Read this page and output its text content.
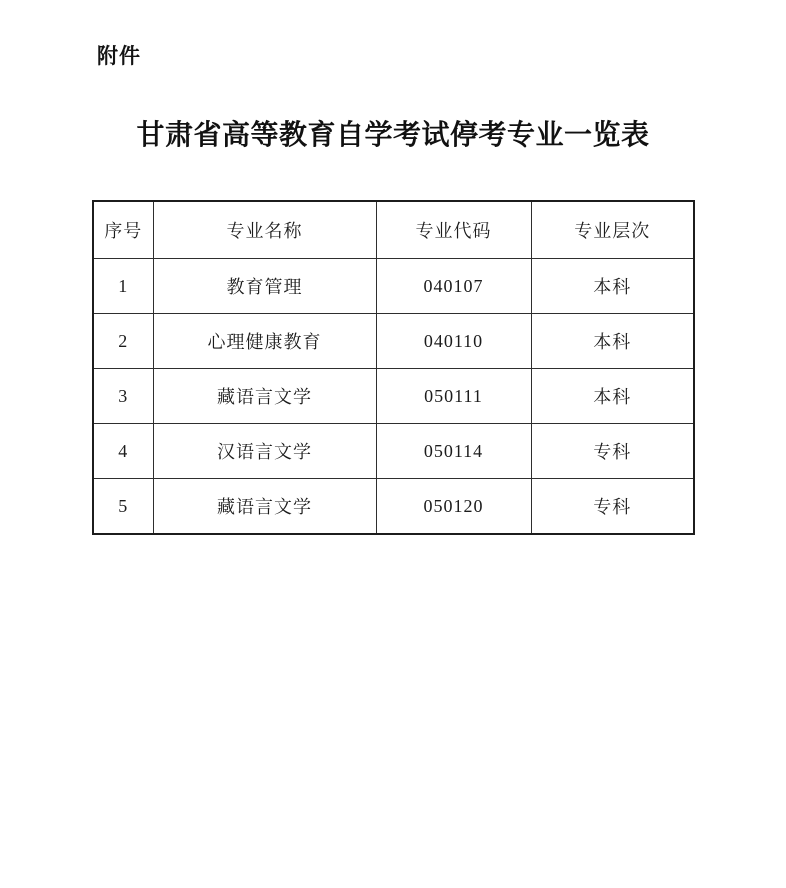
附件
甘肃省高等教育自学考试停考专业一览表
序号	专业名称	专业代码	专业层次
1	教育管理	040107	本科
2	心理健康教育	040110	本科
3	藏语言文学	050111	本科
4	汉语言文学	050114	专科
5	藏语言文学	050120	专科
